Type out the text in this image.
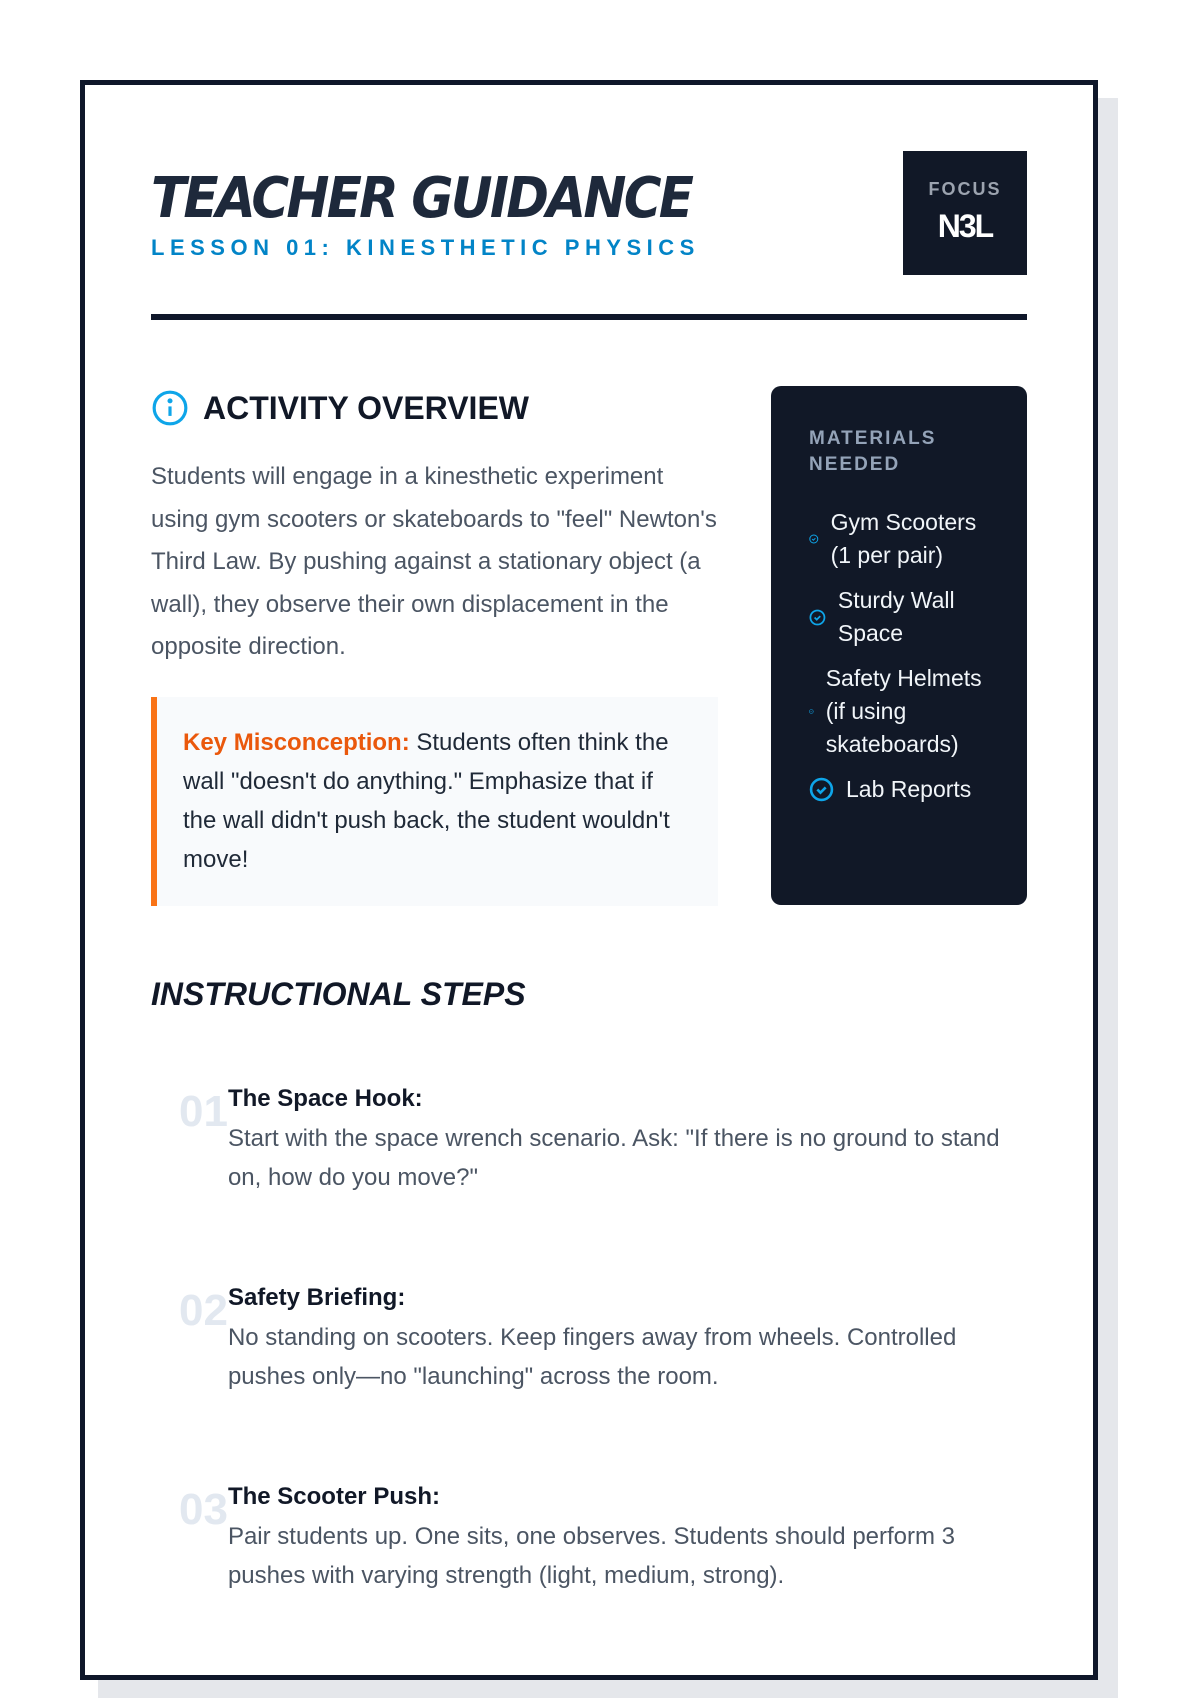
TEACHER GUIDANCE
LESSON 01: KINESTHETIC PHYSICS
FOCUS
N3L
ACTIVITY OVERVIEW

Students will engage in a kinesthetic experiment using gym scooters or skateboards to "feel" Newton's Third Law. By pushing against a stationary object (a wall), they observe their own displacement in the opposite direction.

Key Misconception: Students often think the wall "doesn't do anything." Emphasize that if the wall didn't push back, the student wouldn't move!
MATERIALS NEEDED
Gym Scooters (1 per pair)
Sturdy Wall Space
Safety Helmets (if using skateboards)
Lab Reports
INSTRUCTIONAL STEPS
01 The Space Hook:
Start with the space wrench scenario. Ask: "If there is no ground to stand on, how do you move?"
02 Safety Briefing:
No standing on scooters. Keep fingers away from wheels. Controlled pushes only—no "launching" across the room.
03 The Scooter Push:
Pair students up. One sits, one observes. Students should perform 3 pushes with varying strength (light, medium, strong).
